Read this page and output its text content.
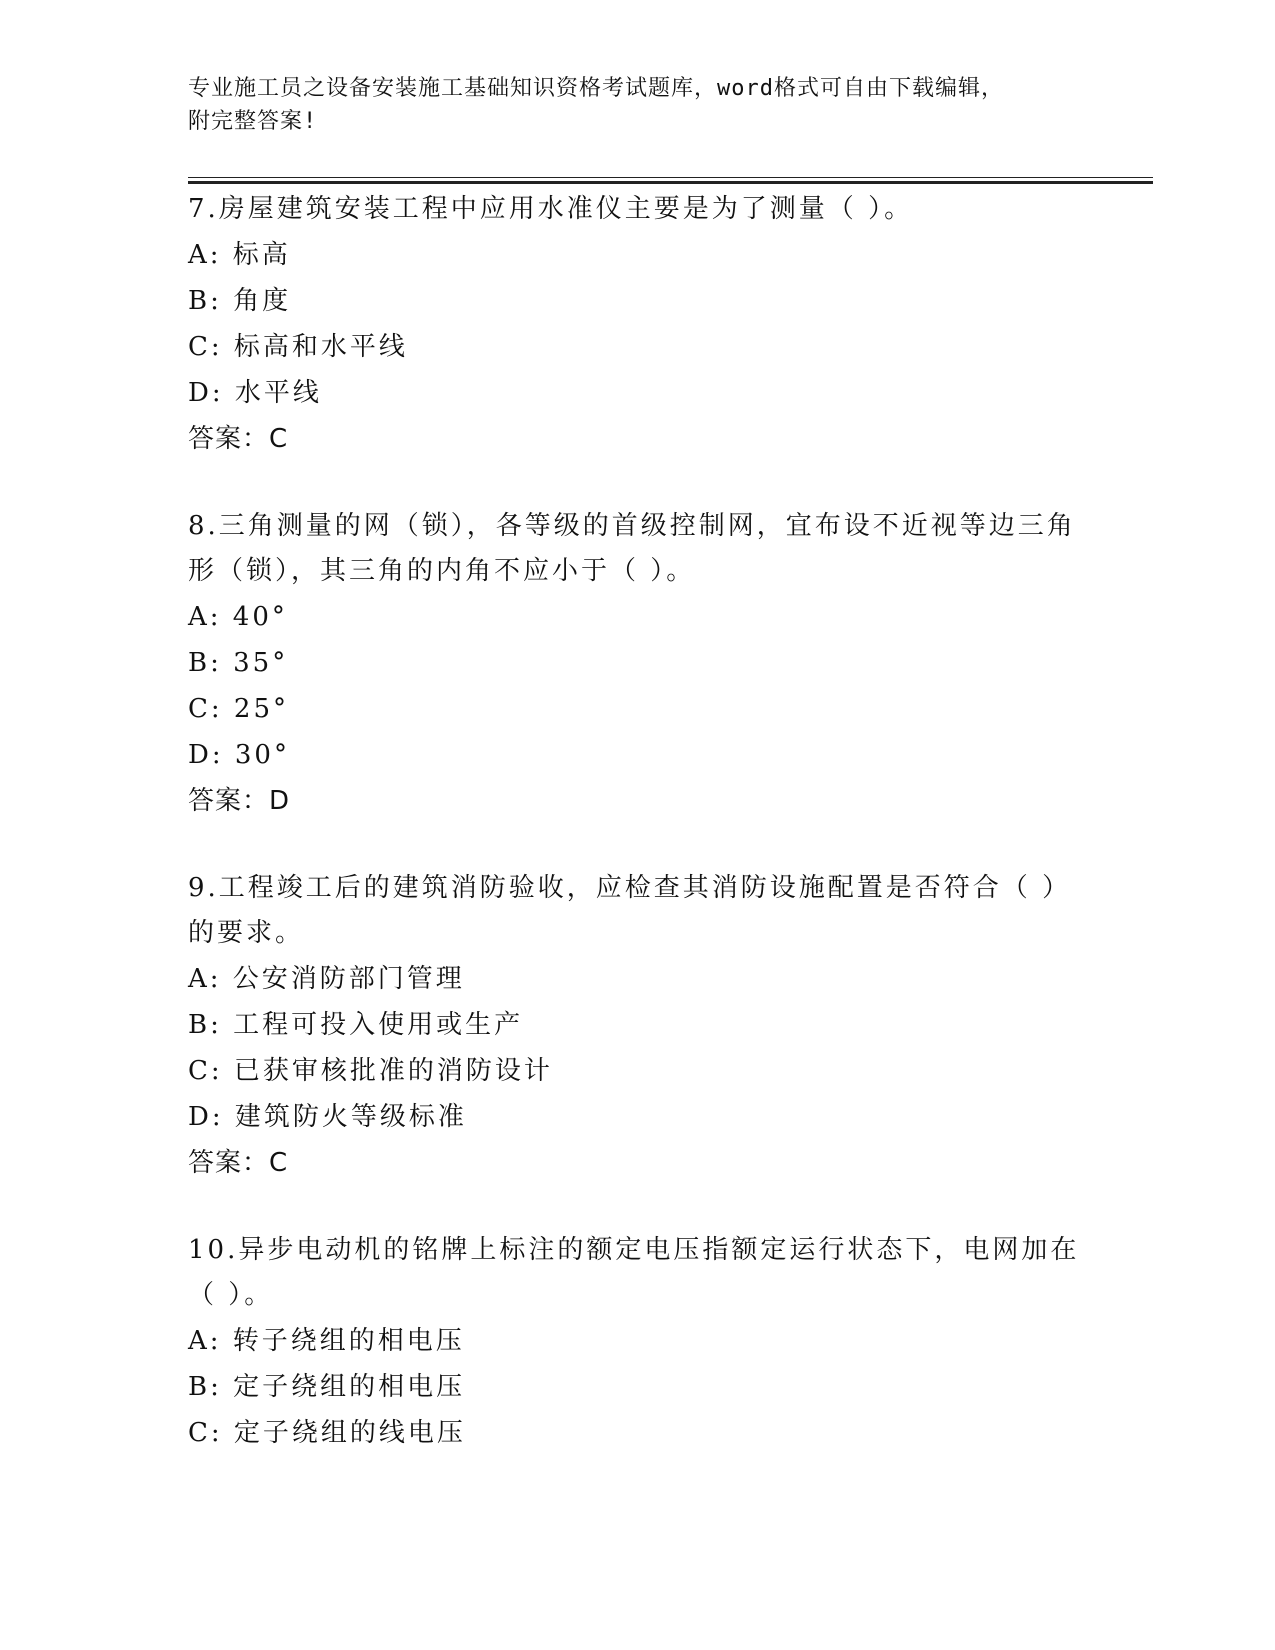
专业施工员之设备安装施工基础知识资格考试题库，word格式可自由下载编辑，
附完整答案!

7.房屋建筑安装工程中应用水准仪主要是为了测量（ ）。

A: 标高

B: 角度

C: 标高和水平线

D: 水平线

答案：C

8.三角测量的网（锁），各等级的首级控制网，宜布设不近视等边三角形（锁），其三角的内角不应小于（ ）。

A: 40°

B: 35°

C: 25°

D: 30°

答案：D

9.工程竣工后的建筑消防验收，应检查其消防设施配置是否符合（ ）的要求。

A: 公安消防部门管理

B: 工程可投入使用或生产

C: 已获审核批准的消防设计

D: 建筑防火等级标准

答案：C

10.异步电动机的铭牌上标注的额定电压指额定运行状态下，电网加在（ ）。

A: 转子绕组的相电压

B: 定子绕组的相电压

C: 定子绕组的线电压
